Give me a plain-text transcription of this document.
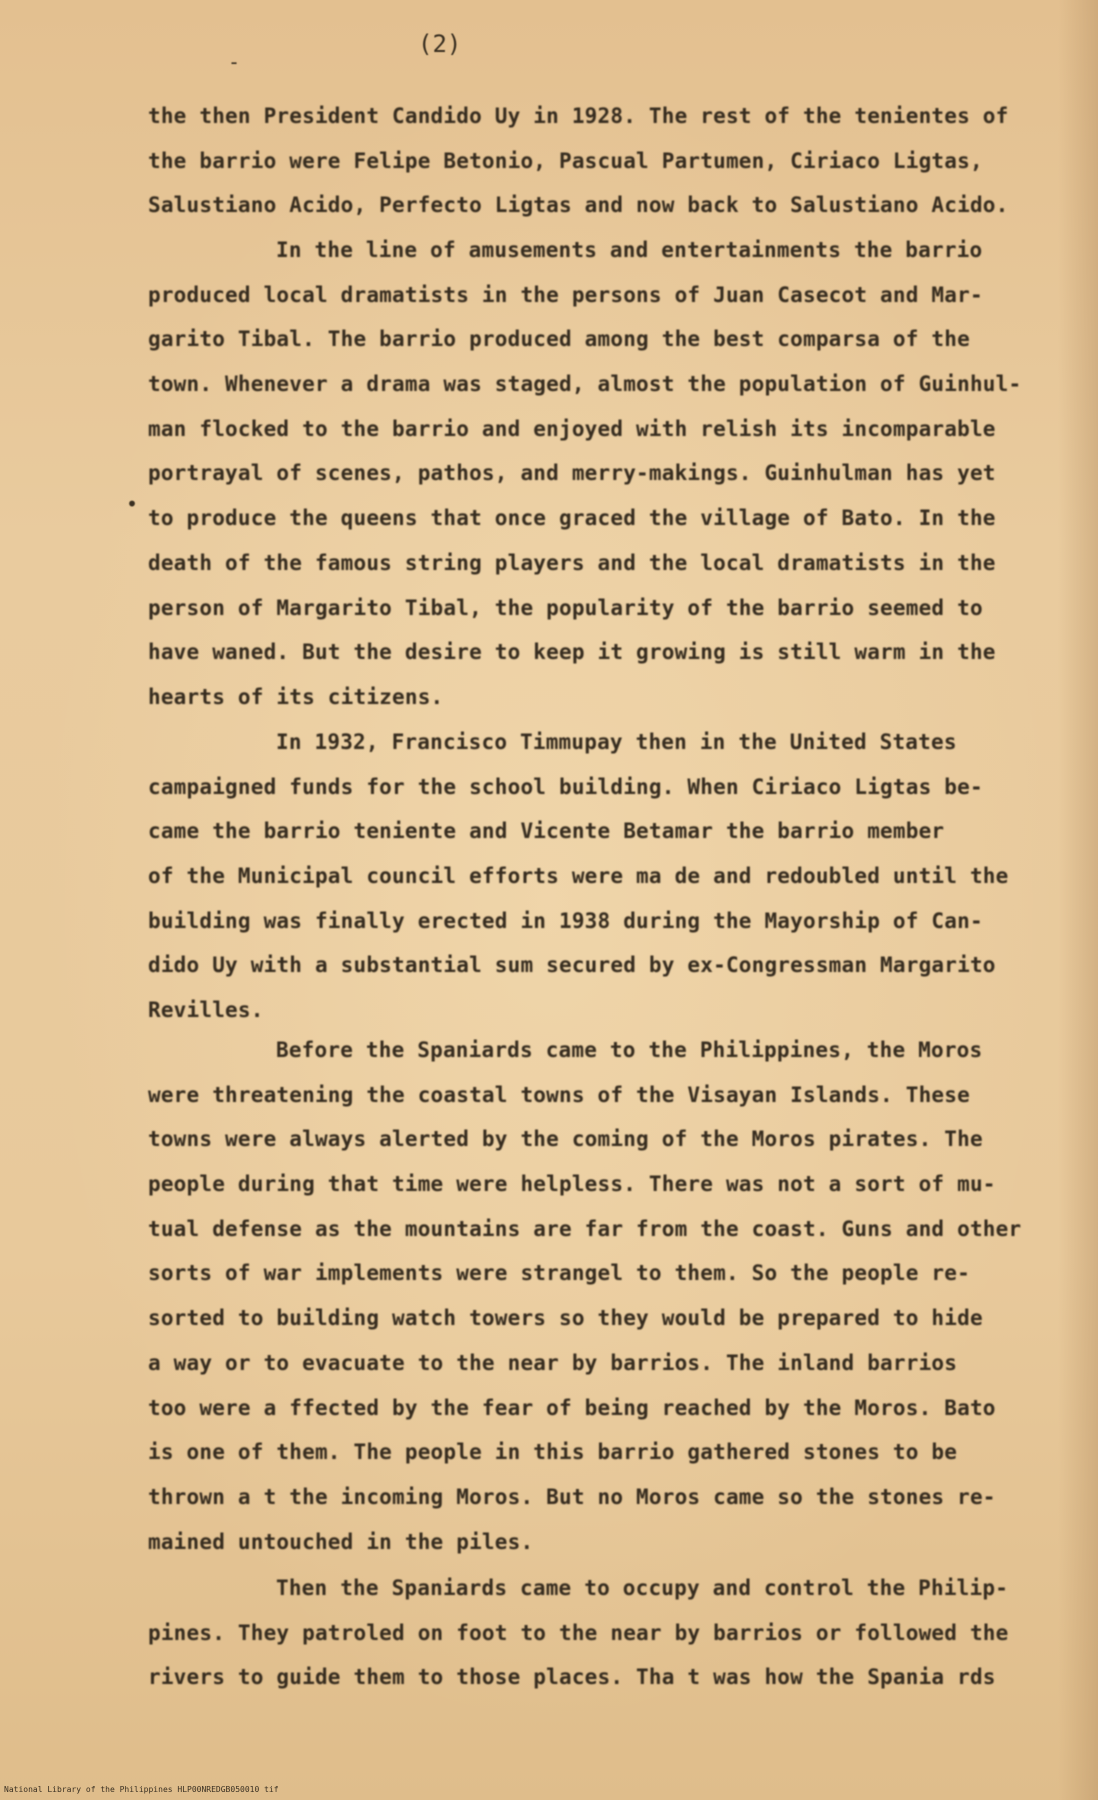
(2)
-
•
the then President Candido Uy in 1928. The rest of the tenientes of
the barrio were Felipe Betonio, Pascual Partumen, Ciriaco Ligtas,
Salustiano Acido, Perfecto Ligtas and now back to Salustiano Acido.
In the line of amusements and entertainments the barrio
produced local dramatists in the persons of Juan Casecot and Mar-
garito Tibal. The barrio produced among the best comparsa of the
town. Whenever a drama was staged, almost the population of Guinhul-
man flocked to the barrio and enjoyed with relish its incomparable
portrayal of scenes, pathos, and merry-makings. Guinhulman has yet
to produce the queens that once graced the village of Bato. In the
death of the famous string players and the local dramatists in the
person of Margarito Tibal, the popularity of the barrio seemed to
have waned. But the desire to keep it growing is still warm in the
hearts of its citizens.
In 1932, Francisco Timmupay then in the United States
campaigned funds for the school building. When Ciriaco Ligtas be-
came the barrio teniente and Vicente Betamar the barrio member
of the Municipal council efforts were ma de and redoubled until the
building was finally erected in 1938 during the Mayorship of Can-
dido Uy with a substantial sum secured by ex-Congressman Margarito
Revilles.
Before the Spaniards came to the Philippines, the Moros
were threatening the coastal towns of the Visayan Islands. These
towns were always alerted by the coming of the Moros pirates. The
people during that time were helpless. There was not a sort of mu-
tual defense as the mountains are far from the coast. Guns and other
sorts of war implements were strangel to them. So the people re-
sorted to building watch towers so they would be prepared to hide
a way or to evacuate to the near by barrios. The inland barrios
too were a ffected by the fear of being reached by the Moros. Bato
is one of them. The people in this barrio gathered stones to be
thrown a t the incoming Moros. But no Moros came so the stones re-
mained untouched in the piles.
Then the Spaniards came to occupy and control the Philip-
pines. They patroled on foot to the near by barrios or followed the
rivers to guide them to those places. Tha t was how the Spania rds
National Library of the Philippines HLP00NREDGB050010 tif
